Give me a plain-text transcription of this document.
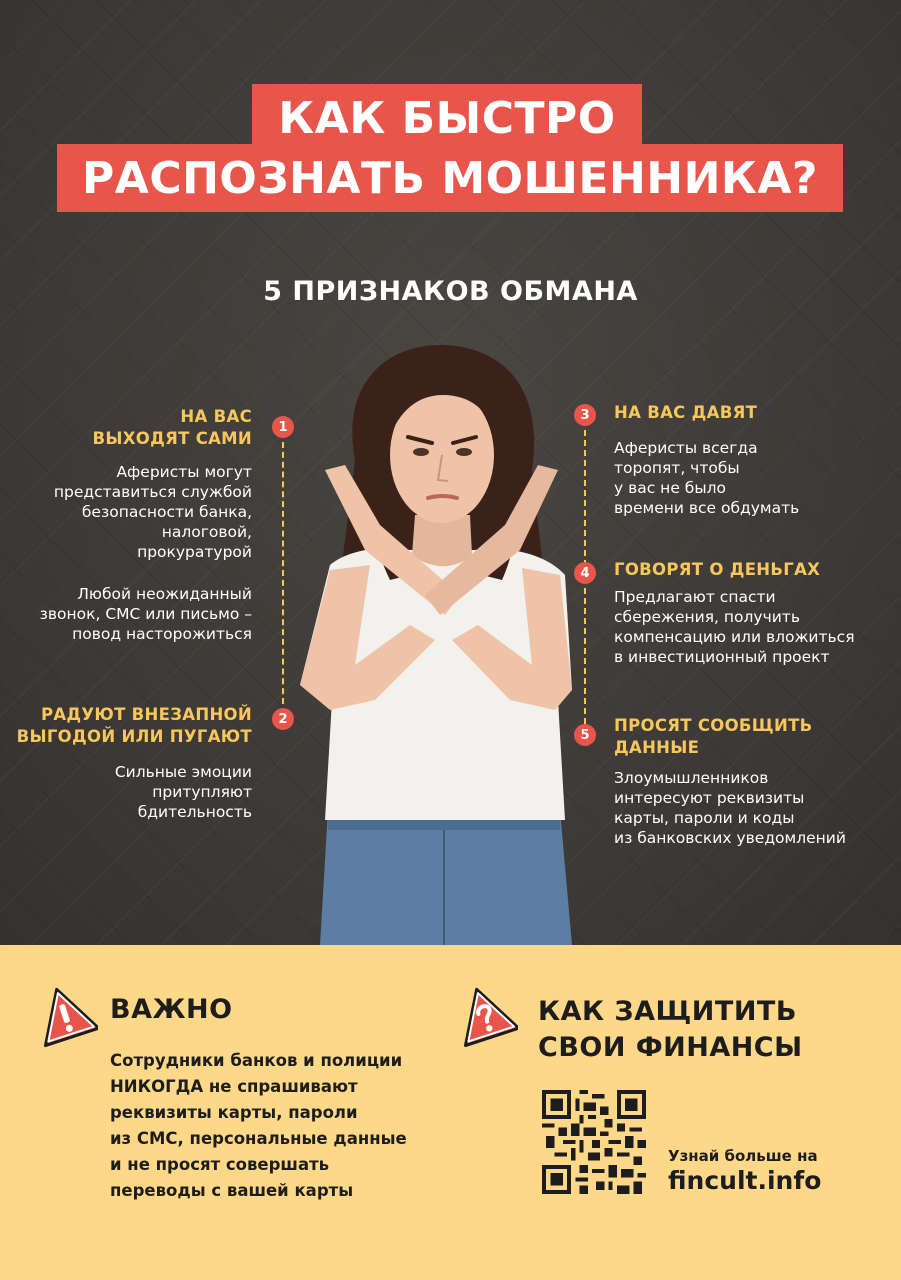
КАК БЫСТРО
РАСПОЗНАТЬ МОШЕННИКА?
5 ПРИЗНАКОВ ОБМАНА
НА ВАС
ВЫХОДЯТ САМИ
1
Аферисты могут
представиться службой
безопасности банка,
налоговой,
прокуратурой
Любой неожиданный
звонок, СМС или письмо –
повод насторожиться
2
РАДУЮТ ВНЕЗАПНОЙ
ВЫГОДОЙ ИЛИ ПУГАЮТ
Сильные эмоции
притупляют
бдительность
3	НА ВАС ДАВЯТ
Аферисты всегда
торопят, чтобы
у вас не было
времени все обдумать
4	ГОВОРЯТ О ДЕНЬГАХ
Предлагают спасти
сбережения, получить
компенсацию или вложиться
в инвестиционный проект
5	ПРОСЯТ СООБЩИТЬ
ДАННЫЕ
Злоумышленников
интересуют реквизиты
карты, пароли и коды
из банковских уведомлений
ВАЖНО
Сотрудники банков и полиции
НИКОГДА не спрашивают
реквизиты карты, пароли
из СМС, персональные данные
и не просят совершать
переводы с вашей карты
КАК ЗАЩИТИТЬ
СВОИ ФИНАНСЫ
Узнай больше на
fincult.info
